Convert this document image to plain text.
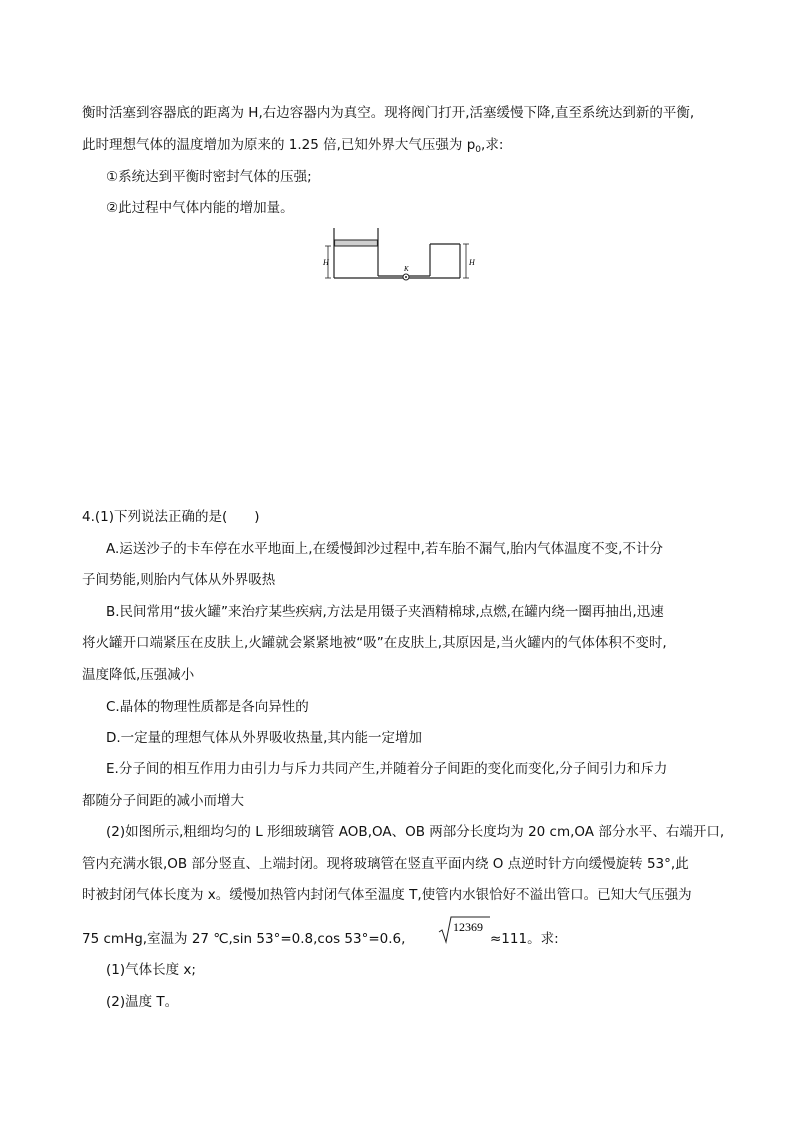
衡时活塞到容器底的距离为 H,右边容器内为真空。现将阀门打开,活塞缓慢下降,直至系统达到新的平衡,
此时理想气体的温度增加为原来的 1.25 倍,已知外界大气压强为 $p_0$,求:
①系统达到平衡时密封气体的压强;
②此过程中气体内能的增加量。
K
H	H
4.(1)下列说法正确的是(　　)
A.运送沙子的卡车停在水平地面上,在缓慢卸沙过程中,若车胎不漏气,胎内气体温度不变,不计分
子间势能,则胎内气体从外界吸热
B.民间常用“拔火罐”来治疗某些疾病,方法是用镊子夹酒精棉球,点燃,在罐内绕一圈再抽出,迅速
将火罐开口端紧压在皮肤上,火罐就会紧紧地被“吸”在皮肤上,其原因是,当火罐内的气体体积不变时,
温度降低,压强减小
C.晶体的物理性质都是各向异性的
D.一定量的理想气体从外界吸收热量,其内能一定增加
E.分子间的相互作用力由引力与斥力共同产生,并随着分子间距的变化而变化,分子间引力和斥力
都随分子间距的减小而增大
(2)如图所示,粗细均匀的 L 形细玻璃管 AOB,OA、OB 两部分长度均为 20 cm,OA 部分水平、右端开口,
管内充满水银,OB 部分竖直、上端封闭。现将玻璃管在竖直平面内绕 O 点逆时针方向缓慢旋转 53°,此
时被封闭气体长度为 x。缓慢加热管内封闭气体至温度 T,使管内水银恰好不溢出管口。已知大气压强为
75 cmHg,室温为 27 ℃,sin 53°=0.8,cos 53°=0.6,
12369
≈111。求:
(1)气体长度 x;
(2)温度 T。
